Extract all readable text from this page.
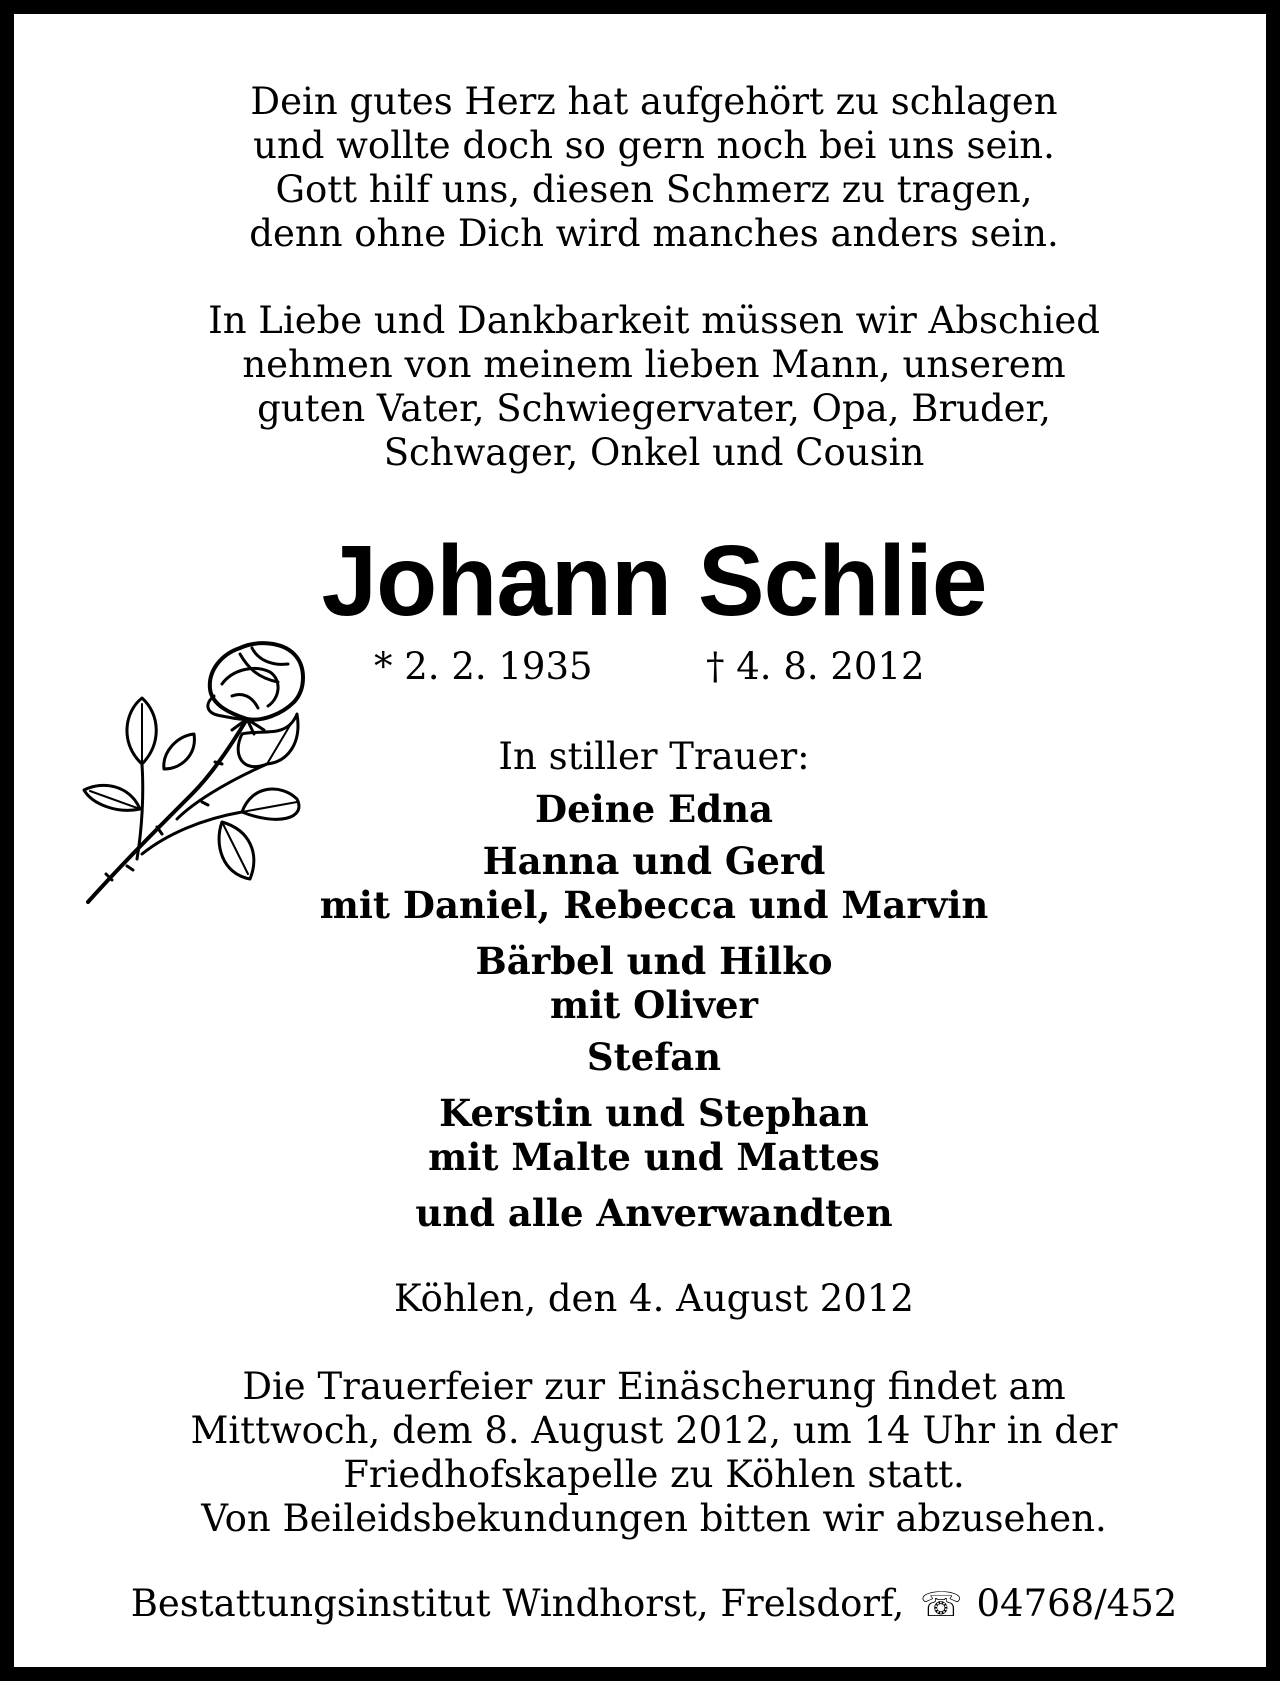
Dein gutes Herz hat aufgehört zu schlagen
und wollte doch so gern noch bei uns sein.
Gott hilf uns, diesen Schmerz zu tragen,
denn ohne Dich wird manches anders sein.
In Liebe und Dankbarkeit müssen wir Abschied
nehmen von meinem lieben Mann, unserem
guten Vater, Schwiegervater, Opa, Bruder,
Schwager, Onkel und Cousin
Johann Schlie
* 2. 2. 1935	† 4. 8. 2012
In stiller Trauer:
Deine Edna
Hanna und Gerd
mit Daniel, Rebecca und Marvin
Bärbel und Hilko
mit Oliver
Stefan
Kerstin und Stephan
mit Malte und Mattes
und alle Anverwandten
Köhlen, den 4. August 2012
Die Trauerfeier zur Einäscherung findet am
Mittwoch, dem 8. August 2012, um 14 Uhr in der
Friedhofskapelle zu Köhlen statt.
Von Beileidsbekundungen bitten wir abzusehen.
Bestattungsinstitut Windhorst, Frelsdorf, ☏ 04768/452
